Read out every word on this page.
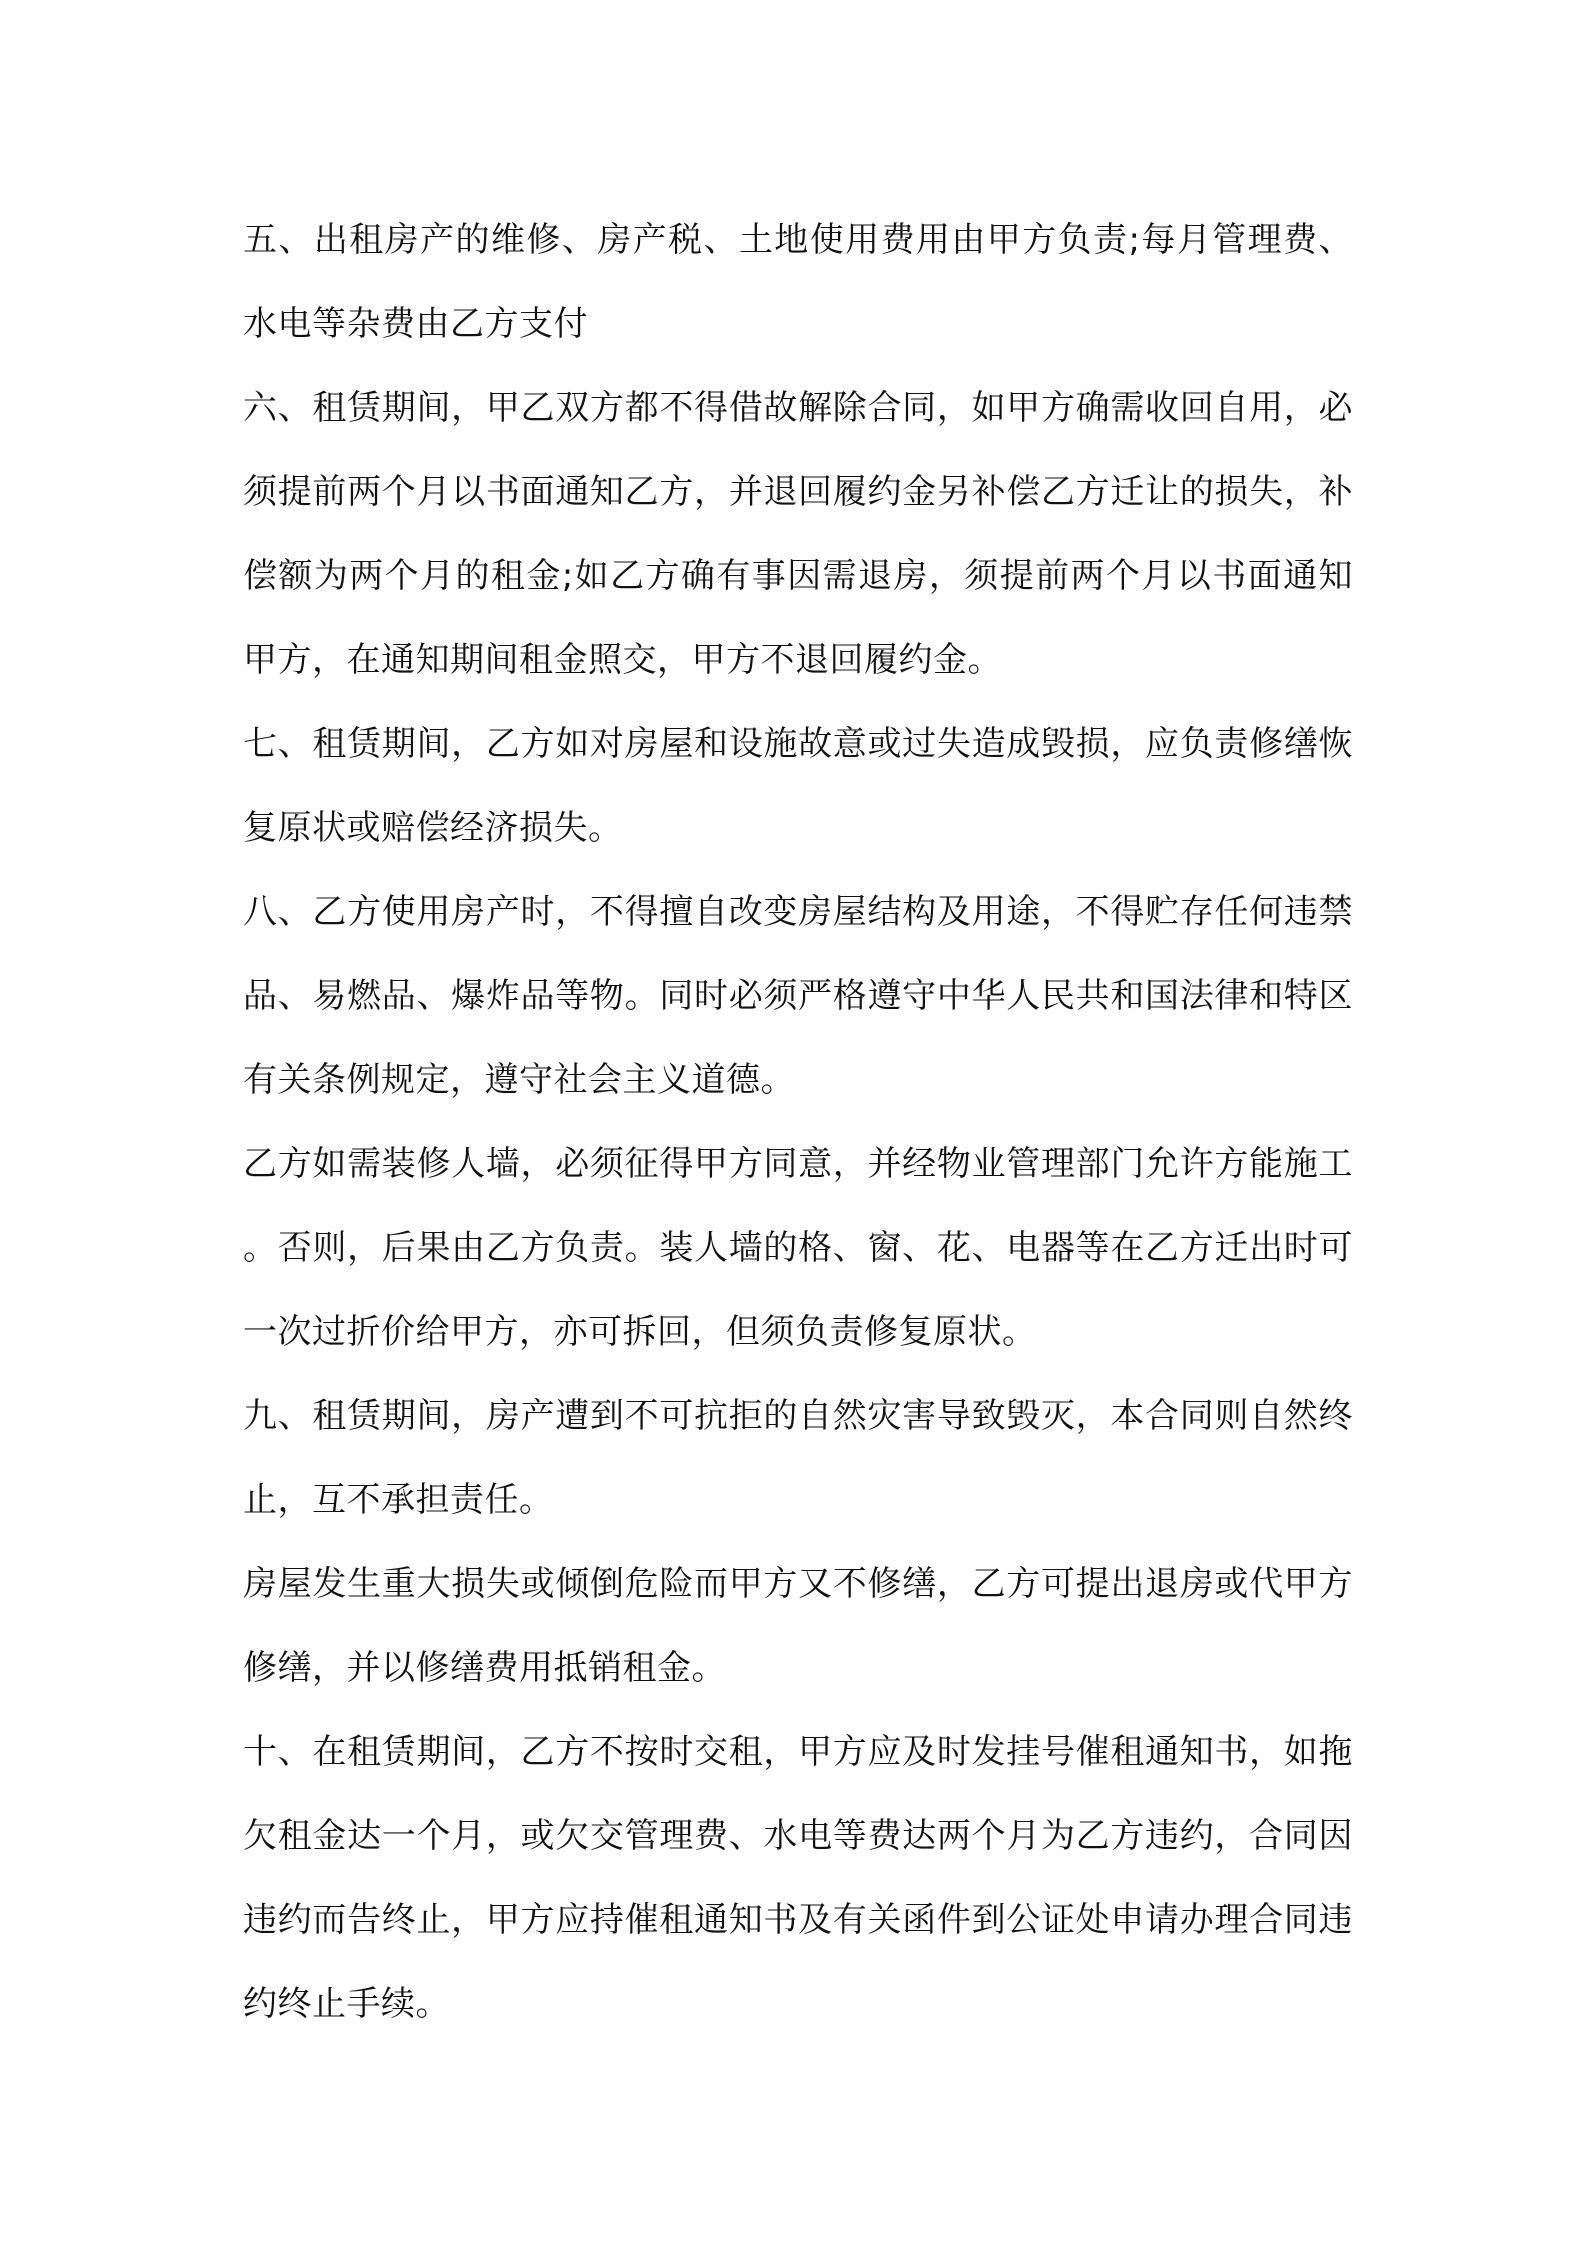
五、出租房产的维修、房产税、土地使用费用由甲方负责;每月管理费、水电等杂费由乙方支付

六、租赁期间，甲乙双方都不得借故解除合同，如甲方确需收回自用，必须提前两个月以书面通知乙方，并退回履约金另补偿乙方迁让的损失，补偿额为两个月的租金;如乙方确有事因需退房，须提前两个月以书面通知甲方，在通知期间租金照交，甲方不退回履约金。

七、租赁期间，乙方如对房屋和设施故意或过失造成毁损，应负责修缮恢复原状或赔偿经济损失。

八、乙方使用房产时，不得擅自改变房屋结构及用途，不得贮存任何违禁品、易燃品、爆炸品等物。同时必须严格遵守中华人民共和国法律和特区有关条例规定，遵守社会主义道德。

乙方如需装修人墙，必须征得甲方同意，并经物业管理部门允许方能施工。否则，后果由乙方负责。装人墙的格、窗、花、电器等在乙方迁出时可一次过折价给甲方，亦可拆回，但须负责修复原状。

九、租赁期间，房产遭到不可抗拒的自然灾害导致毁灭，本合同则自然终止，互不承担责任。

房屋发生重大损失或倾倒危险而甲方又不修缮，乙方可提出退房或代甲方修缮，并以修缮费用抵销租金。

十、在租赁期间，乙方不按时交租，甲方应及时发挂号催租通知书，如拖欠租金达一个月，或欠交管理费、水电等费达两个月为乙方违约，合同因违约而告终止，甲方应持催租通知书及有关函件到公证处申请办理合同违约终止手续。
